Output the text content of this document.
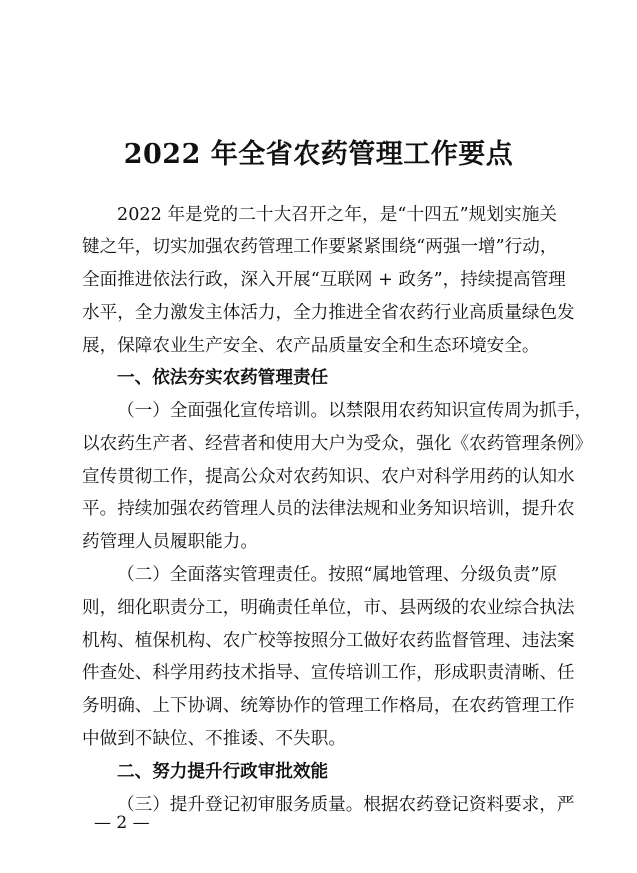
2022 年全省农药管理工作要点

2022 年是党的二十大召开之年，是“十四五”规划实施关

键之年，切实加强农药管理工作要紧紧围绕“两强一增”行动，

全面推进依法行政，深入开展“互联网 + 政务”，持续提高管理

水平，全力激发主体活力，全力推进全省农药行业高质量绿色发

展，保障农业生产安全、农产品质量安全和生态环境安全。

一、依法夯实农药管理责任

（一）全面强化宣传培训。以禁限用农药知识宣传周为抓手，

以农药生产者、经营者和使用大户为受众，强化《农药管理条例》

宣传贯彻工作，提高公众对农药知识、农户对科学用药的认知水

平。持续加强农药管理人员的法律法规和业务知识培训，提升农

药管理人员履职能力。

（二）全面落实管理责任。按照“属地管理、分级负责”原

则，细化职责分工，明确责任单位，市、县两级的农业综合执法

机构、植保机构、农广校等按照分工做好农药监督管理、违法案

件查处、科学用药技术指导、宣传培训工作，形成职责清晰、任

务明确、上下协调、统筹协作的管理工作格局，在农药管理工作

中做到不缺位、不推诿、不失职。

二、努力提升行政审批效能

（三）提升登记初审服务质量。根据农药登记资料要求，严

— 2 —
